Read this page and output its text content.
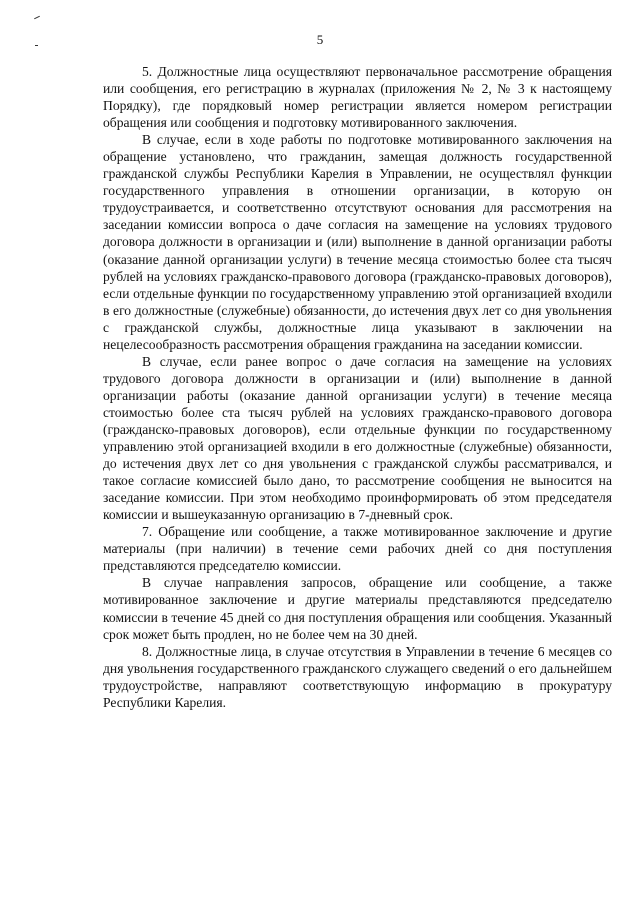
5

5. Должностные лица осуществляют первоначальное рассмотрение обращения или сообщения, его регистрацию в журналах (приложения № 2, № 3 к настоящему Порядку), где порядковый номер регистрации является номером регистрации обращения или сообщения и подготовку мотивированного заключения.

В случае, если в ходе работы по подготовке мотивированного заключения на обращение установлено, что гражданин, замещая должность государственной гражданской службы Республики Карелия в Управлении, не осуществлял функции государственного управления в отношении организации, в которую он трудоустраивается, и соответственно отсутствуют основания для рассмотрения на заседании комиссии вопроса о даче согласия на замещение на условиях трудового договора должности в организации и (или) выполнение в данной организации работы (оказание данной организации услуги) в течение месяца стоимостью более ста тысяч рублей на условиях гражданско-правового договора (гражданско-правовых договоров), если отдельные функции по государственному управлению этой организацией входили в его должностные (служебные) обязанности, до истечения двух лет со дня увольнения с гражданской службы, должностные лица указывают в заключении на нецелесообразность рассмотрения обращения гражданина на заседании комиссии.

В случае, если ранее вопрос о даче согласия на замещение на условиях трудового договора должности в организации и (или) выполнение в данной организации работы (оказание данной организации услуги) в течение месяца стоимостью более ста тысяч рублей на условиях гражданско-правового договора (гражданско-правовых договоров), если отдельные функции по государственному управлению этой организацией входили в его должностные (служебные) обязанности, до истечения двух лет со дня увольнения с гражданской службы рассматривался, и такое согласие комиссией было дано, то рассмотрение сообщения не выносится на заседание комиссии. При этом необходимо проинформировать об этом председателя комиссии и вышеуказанную организацию в 7-дневный срок.

7. Обращение или сообщение, а также мотивированное заключение и другие материалы (при наличии) в течение семи рабочих дней со дня поступления представляются председателю комиссии.

В случае направления запросов, обращение или сообщение, а также мотивированное заключение и другие материалы представляются председателю комиссии в течение 45 дней со дня поступления обращения или сообщения. Указанный срок может быть продлен, но не более чем на 30 дней.

8. Должностные лица, в случае отсутствия в Управлении в течение 6 месяцев со дня увольнения государственного гражданского служащего сведений о его дальнейшем трудоустройстве, направляют соответствующую информацию в прокуратуру Республики Карелия.
